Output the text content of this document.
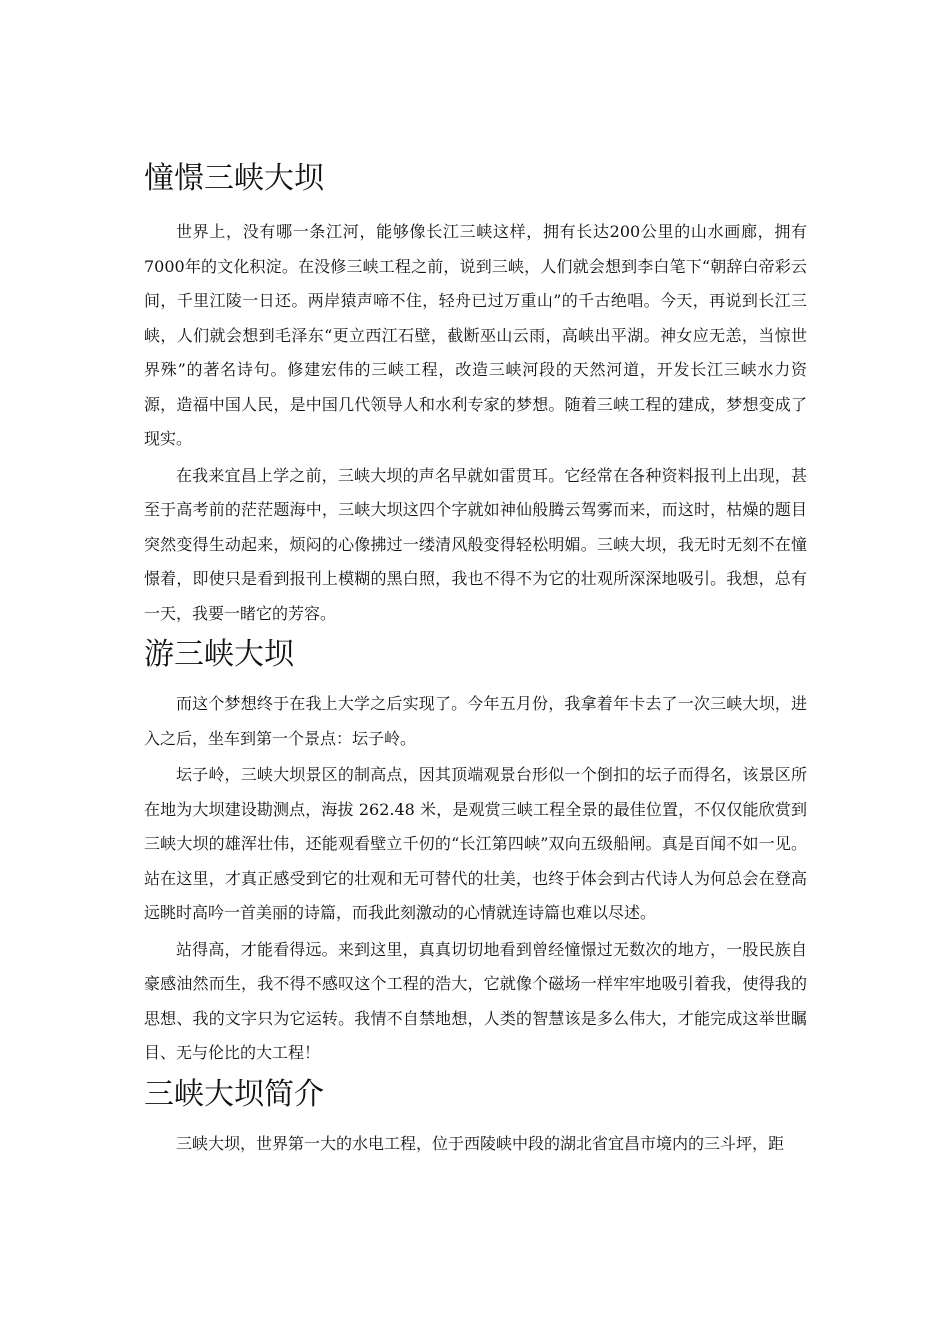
憧憬三峡大坝

世界上，没有哪一条江河，能够像长江三峡这样，拥有长达200公里的山水画廊，拥有7000年的文化积淀。在没修三峡工程之前，说到三峡，人们就会想到李白笔下“朝辞白帝彩云间，千里江陵一日还。两岸猿声啼不住，轻舟已过万重山”的千古绝唱。今天，再说到长江三峡，人们就会想到毛泽东“更立西江石壁，截断巫山云雨，高峡出平湖。神女应无恙，当惊世界殊”的著名诗句。修建宏伟的三峡工程，改造三峡河段的天然河道，开发长江三峡水力资源，造福中国人民，是中国几代领导人和水利专家的梦想。随着三峡工程的建成，梦想变成了现实。

在我来宜昌上学之前，三峡大坝的声名早就如雷贯耳。它经常在各种资料报刊上出现，甚至于高考前的茫茫题海中，三峡大坝这四个字就如神仙般腾云驾雾而来，而这时，枯燥的题目突然变得生动起来，烦闷的心像拂过一缕清风般变得轻松明媚。三峡大坝，我无时无刻不在憧憬着，即使只是看到报刊上模糊的黑白照，我也不得不为它的壮观所深深地吸引。我想，总有一天，我要一睹它的芳容。

游三峡大坝

而这个梦想终于在我上大学之后实现了。今年五月份，我拿着年卡去了一次三峡大坝，进入之后，坐车到第一个景点：坛子岭。

坛子岭，三峡大坝景区的制高点，因其顶端观景台形似一个倒扣的坛子而得名，该景区所在地为大坝建设勘测点，海拔 262.48 米，是观赏三峡工程全景的最佳位置，不仅仅能欣赏到三峡大坝的雄浑壮伟，还能观看壁立千仞的“长江第四峡”双向五级船闸。真是百闻不如一见。站在这里，才真正感受到它的壮观和无可替代的壮美，也终于体会到古代诗人为何总会在登高远眺时高吟一首美丽的诗篇，而我此刻激动的心情就连诗篇也难以尽述。

站得高，才能看得远。来到这里，真真切切地看到曾经憧憬过无数次的地方，一股民族自豪感油然而生，我不得不感叹这个工程的浩大，它就像个磁场一样牢牢地吸引着我，使得我的思想、我的文字只为它运转。我情不自禁地想，人类的智慧该是多么伟大，才能完成这举世瞩目、无与伦比的大工程！

三峡大坝简介

三峡大坝，世界第一大的水电工程，位于西陵峡中段的湖北省宜昌市境内的三斗坪，距
